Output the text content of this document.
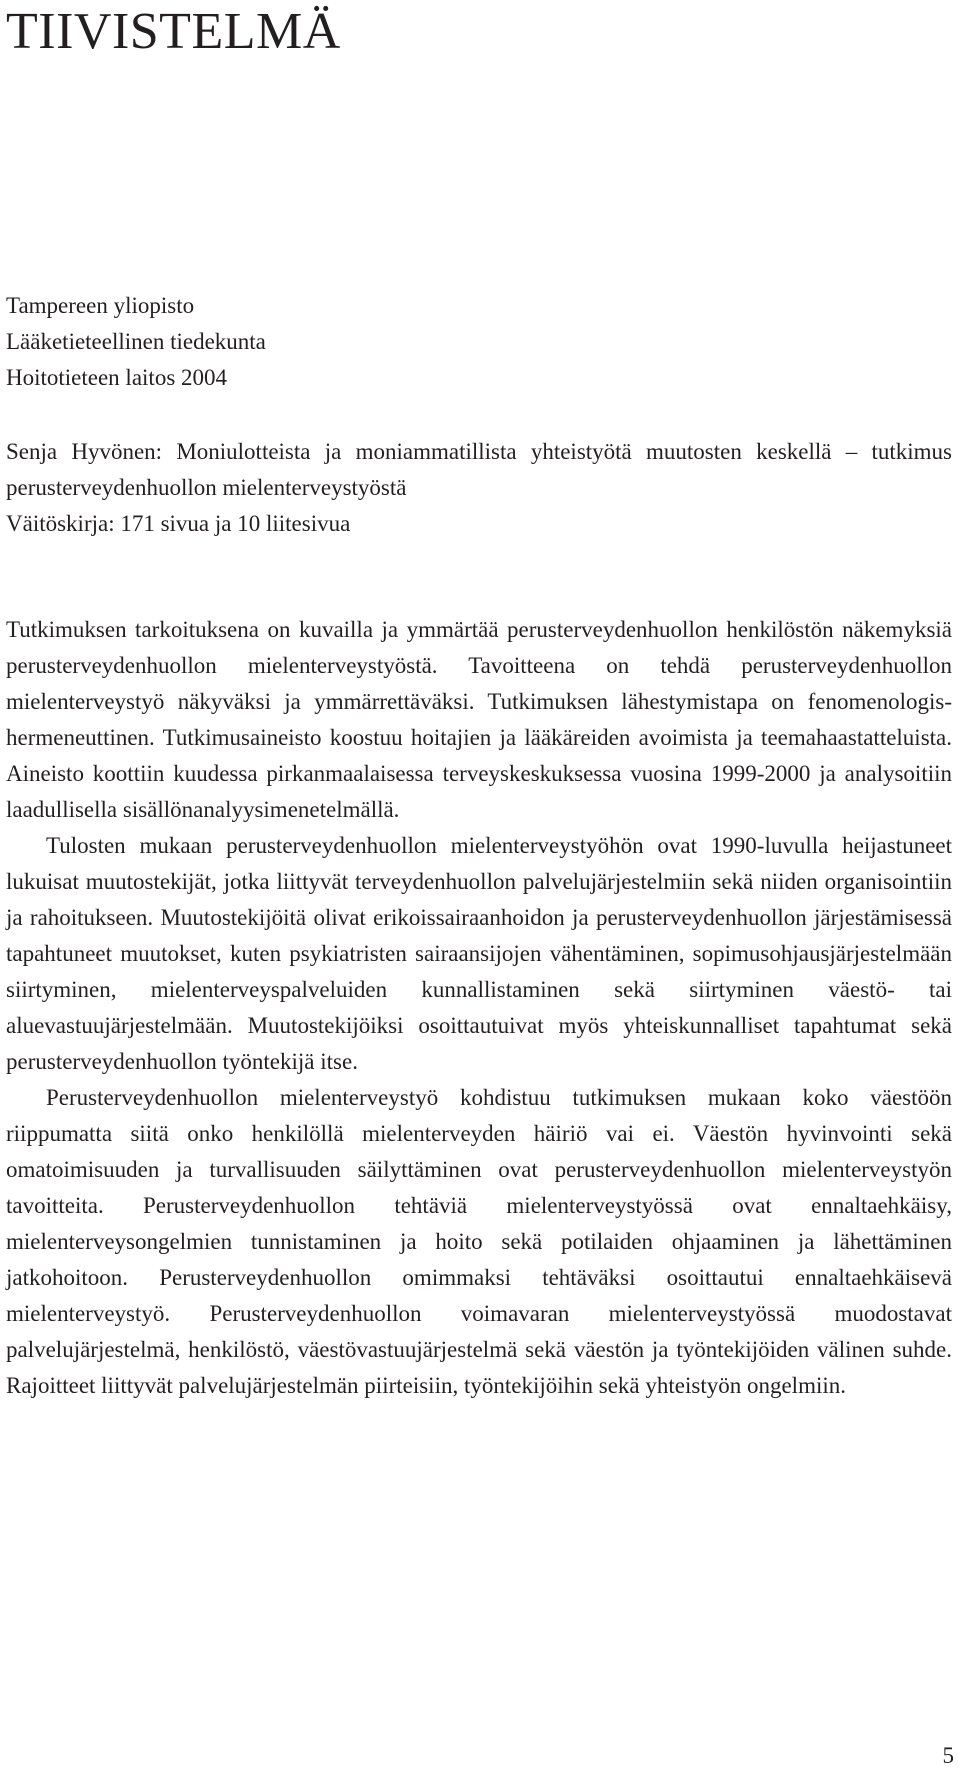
TIIVISTELMÄ

Tampereen yliopisto

Lääketieteellinen tiedekunta

Hoitotieteen laitos 2004

Senja Hyvönen: Moniulotteista ja moniammatillista yhteistyötä muutosten keskellä – tutkimus perusterveydenhuollon mielenterveystyöstä

Väitöskirja: 171 sivua ja 10 liitesivua

Tutkimuksen tarkoituksena on kuvailla ja ymmärtää perusterveydenhuollon henkilöstön näkemyksiä perusterveydenhuollon mielenterveystyöstä. Tavoitteena on tehdä perusterveydenhuollon mielenterveystyö näkyväksi ja ymmärrettäväksi. Tutkimuksen lähestymistapa on fenomenologis-hermeneuttinen. Tutkimusaineisto koostuu hoitajien ja lääkäreiden avoimista ja teemahaastatteluista. Aineisto koottiin kuudessa pirkanmaalaisessa terveyskeskuksessa vuosina 1999-2000 ja analysoitiin laadullisella sisällönanalyysimenetelmällä.

Tulosten mukaan perusterveydenhuollon mielenterveystyöhön ovat 1990-luvulla heijastuneet lukuisat muutostekijät, jotka liittyvät terveydenhuollon palvelujärjestelmiin sekä niiden organisointiin ja rahoitukseen. Muutostekijöitä olivat erikoissairaanhoidon ja perusterveydenhuollon järjestämisessä tapahtuneet muutokset, kuten psykiatristen sairaansijojen vähentäminen, sopimusohjausjärjestelmään siirtyminen, mielenterveyspalveluiden kunnallistaminen sekä siirtyminen väestö- tai aluevastuujärjestelmään. Muutostekijöiksi osoittautuivat myös yhteiskunnalliset tapahtumat sekä perusterveydenhuollon työntekijä itse.

Perusterveydenhuollon mielenterveystyö kohdistuu tutkimuksen mukaan koko väestöön riippumatta siitä onko henkilöllä mielenterveyden häiriö vai ei. Väestön hyvinvointi sekä omatoimisuuden ja turvallisuuden säilyttäminen ovat perusterveydenhuollon mielenterveystyön tavoitteita. Perusterveydenhuollon tehtäviä mielenterveystyössä ovat ennaltaehkäisy, mielenterveysongelmien tunnistaminen ja hoito sekä potilaiden ohjaaminen ja lähettäminen jatkohoitoon. Perusterveydenhuollon omimmaksi tehtäväksi osoittautui ennaltaehkäisevä mielenterveystyö. Perusterveydenhuollon voimavaran mielenterveystyössä muodostavat palvelujärjestelmä, henkilöstö, väestövastuujärjestelmä sekä väestön ja työntekijöiden välinen suhde. Rajoitteet liittyvät palvelujärjestelmän piirteisiin, työntekijöihin sekä yhteistyön ongelmiin.

5
